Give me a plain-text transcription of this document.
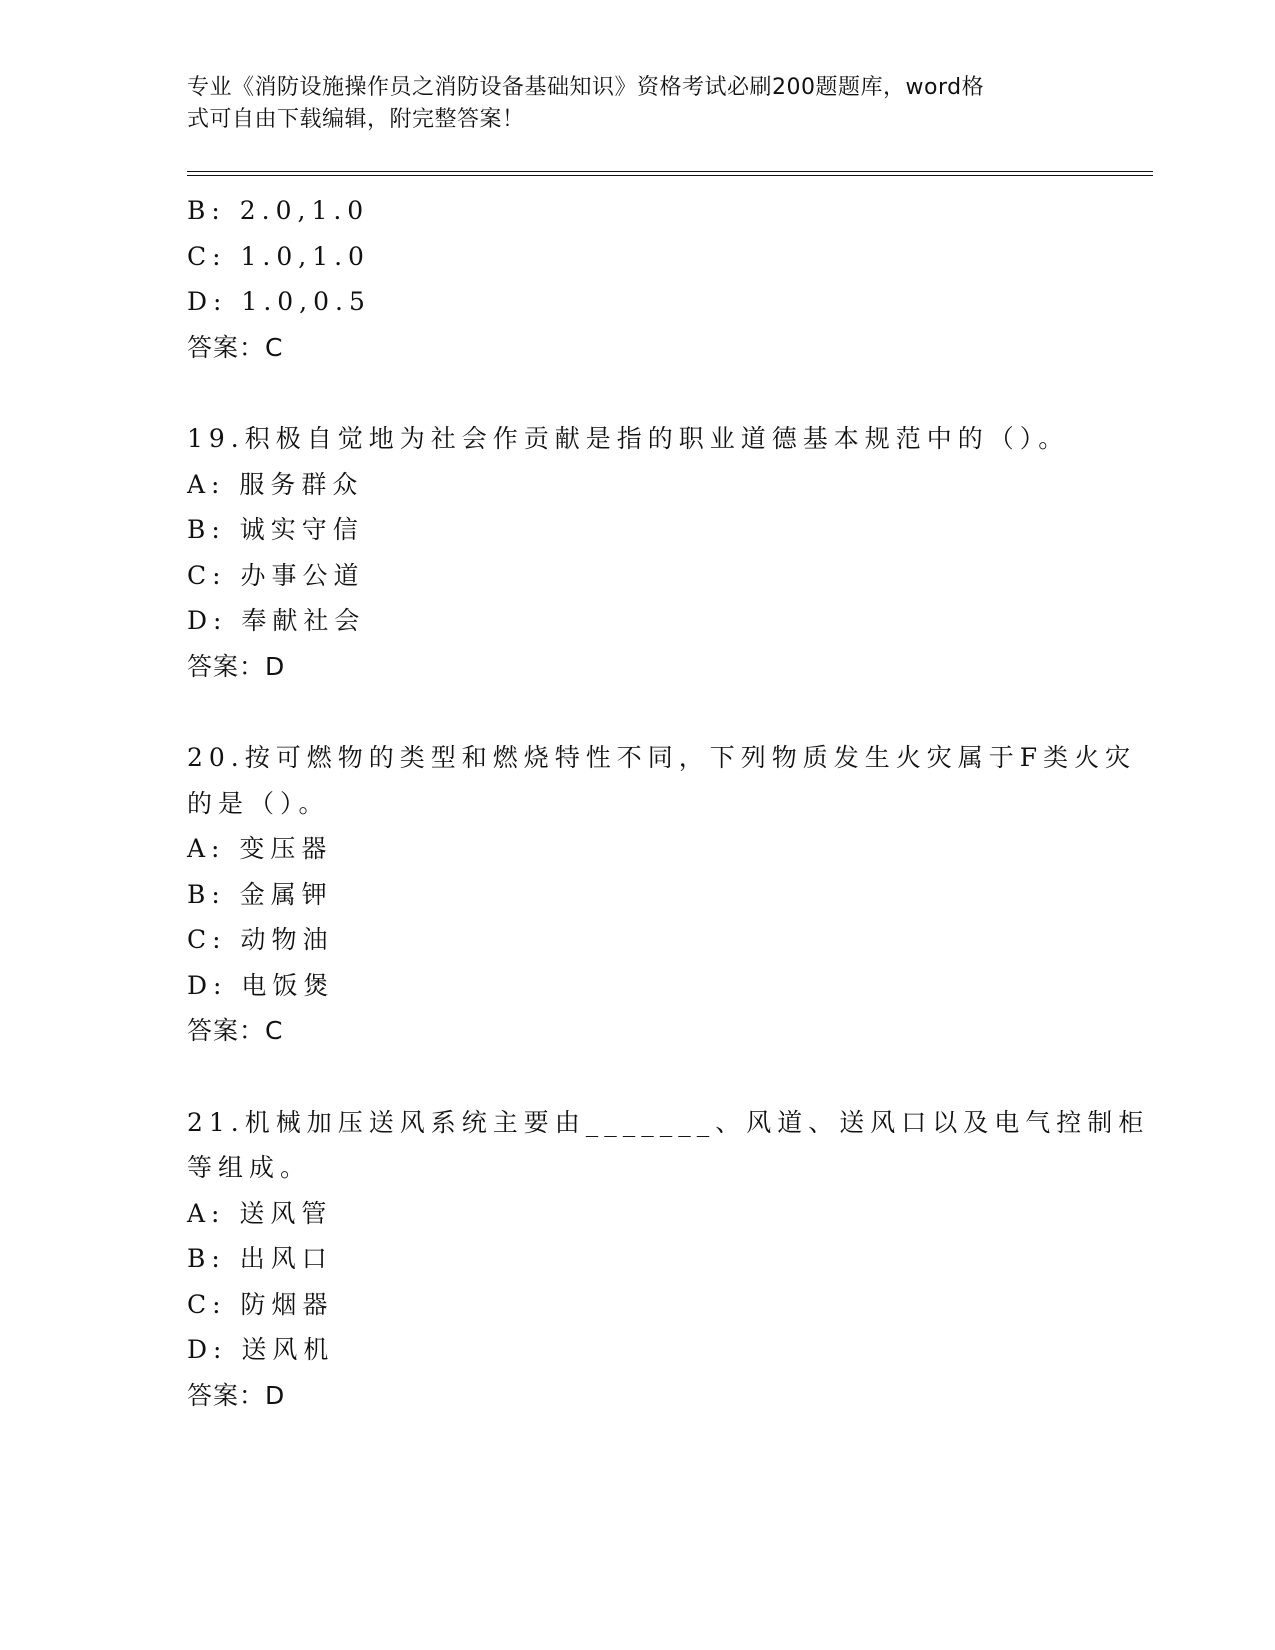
专业《消防设施操作员之消防设备基础知识》资格考试必刷200题题库，word格
式可自由下载编辑，附完整答案！
B: 2.0,1.0
C: 1.0,1.0
D: 1.0,0.5
答案：C
19.积极自觉地为社会作贡献是指的职业道德基本规范中的（）。
A: 服务群众
B: 诚实守信
C: 办事公道
D: 奉献社会
答案：D
20.按可燃物的类型和燃烧特性不同，下列物质发生火灾属于F类火灾
的是（）。
A: 变压器
B: 金属钾
C: 动物油
D: 电饭煲
答案：C
21.机械加压送风系统主要由_______、风道、送风口以及电气控制柜
等组成。
A: 送风管
B: 出风口
C: 防烟器
D: 送风机
答案：D
